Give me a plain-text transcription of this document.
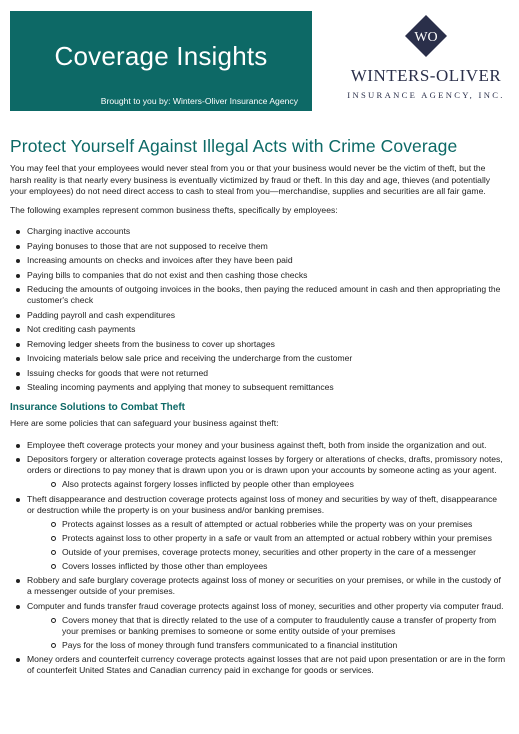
Coverage Insights
Brought to you by: Winters-Oliver Insurance Agency
WO
WINTERS-OLIVER
INSURANCE AGENCY, INC.
Protect Yourself Against Illegal Acts with Crime Coverage

You may feel that your employees would never steal from you or that your business would never be the victim of theft, but the harsh reality is that nearly every business is eventually victimized by fraud or theft. In this day and age, thieves (and potentially your employees) do not need direct access to cash to steal from you—merchandise, supplies and securities are all fair game.

The following examples represent common business thefts, specifically by employees:

Charging inactive accounts
Paying bonuses to those that are not supposed to receive them
Increasing amounts on checks and invoices after they have been paid
Paying bills to companies that do not exist and then cashing those checks
Reducing the amounts of outgoing invoices in the books, then paying the reduced amount in cash and then appropriating the customer's check
Padding payroll and cash expenditures
Not crediting cash payments
Removing ledger sheets from the business to cover up shortages
Invoicing materials below sale price and receiving the undercharge from the customer
Issuing checks for goods that were not returned
Stealing incoming payments and applying that money to subsequent remittances
Insurance Solutions to Combat Theft

Here are some policies that can safeguard your business against theft:

Employee theft coverage protects your money and your business against theft, both from inside the organization and out.
Depositors forgery or alteration coverage protects against losses by forgery or alterations of checks, drafts, promissory notes, orders or directions to pay money that is drawn upon you or is drawn upon your accounts by someone acting as your agent.
Also protects against forgery losses inflicted by people other than employees
Theft disappearance and destruction coverage protects against loss of money and securities by way of theft, disappearance or destruction while the property is on your business and/or banking premises.
Protects against losses as a result of attempted or actual robberies while the property was on your premises
Protects against loss to other property in a safe or vault from an attempted or actual robbery within your premises
Outside of your premises, coverage protects money, securities and other property in the care of a messenger
Covers losses inflicted by those other than employees
Robbery and safe burglary coverage protects against loss of money or securities on your premises, or while in the custody of a messenger outside of your premises.
Computer and funds transfer fraud coverage protects against loss of money, securities and other property via computer fraud.
Covers money that that is directly related to the use of a computer to fraudulently cause a transfer of property from your premises or banking premises to someone or some entity outside of your premises
Pays for the loss of money through fund transfers communicated to a financial institution
Money orders and counterfeit currency coverage protects against losses that are not paid upon presentation or are in the form of counterfeit United States and Canadian currency paid in exchange for goods or services.
